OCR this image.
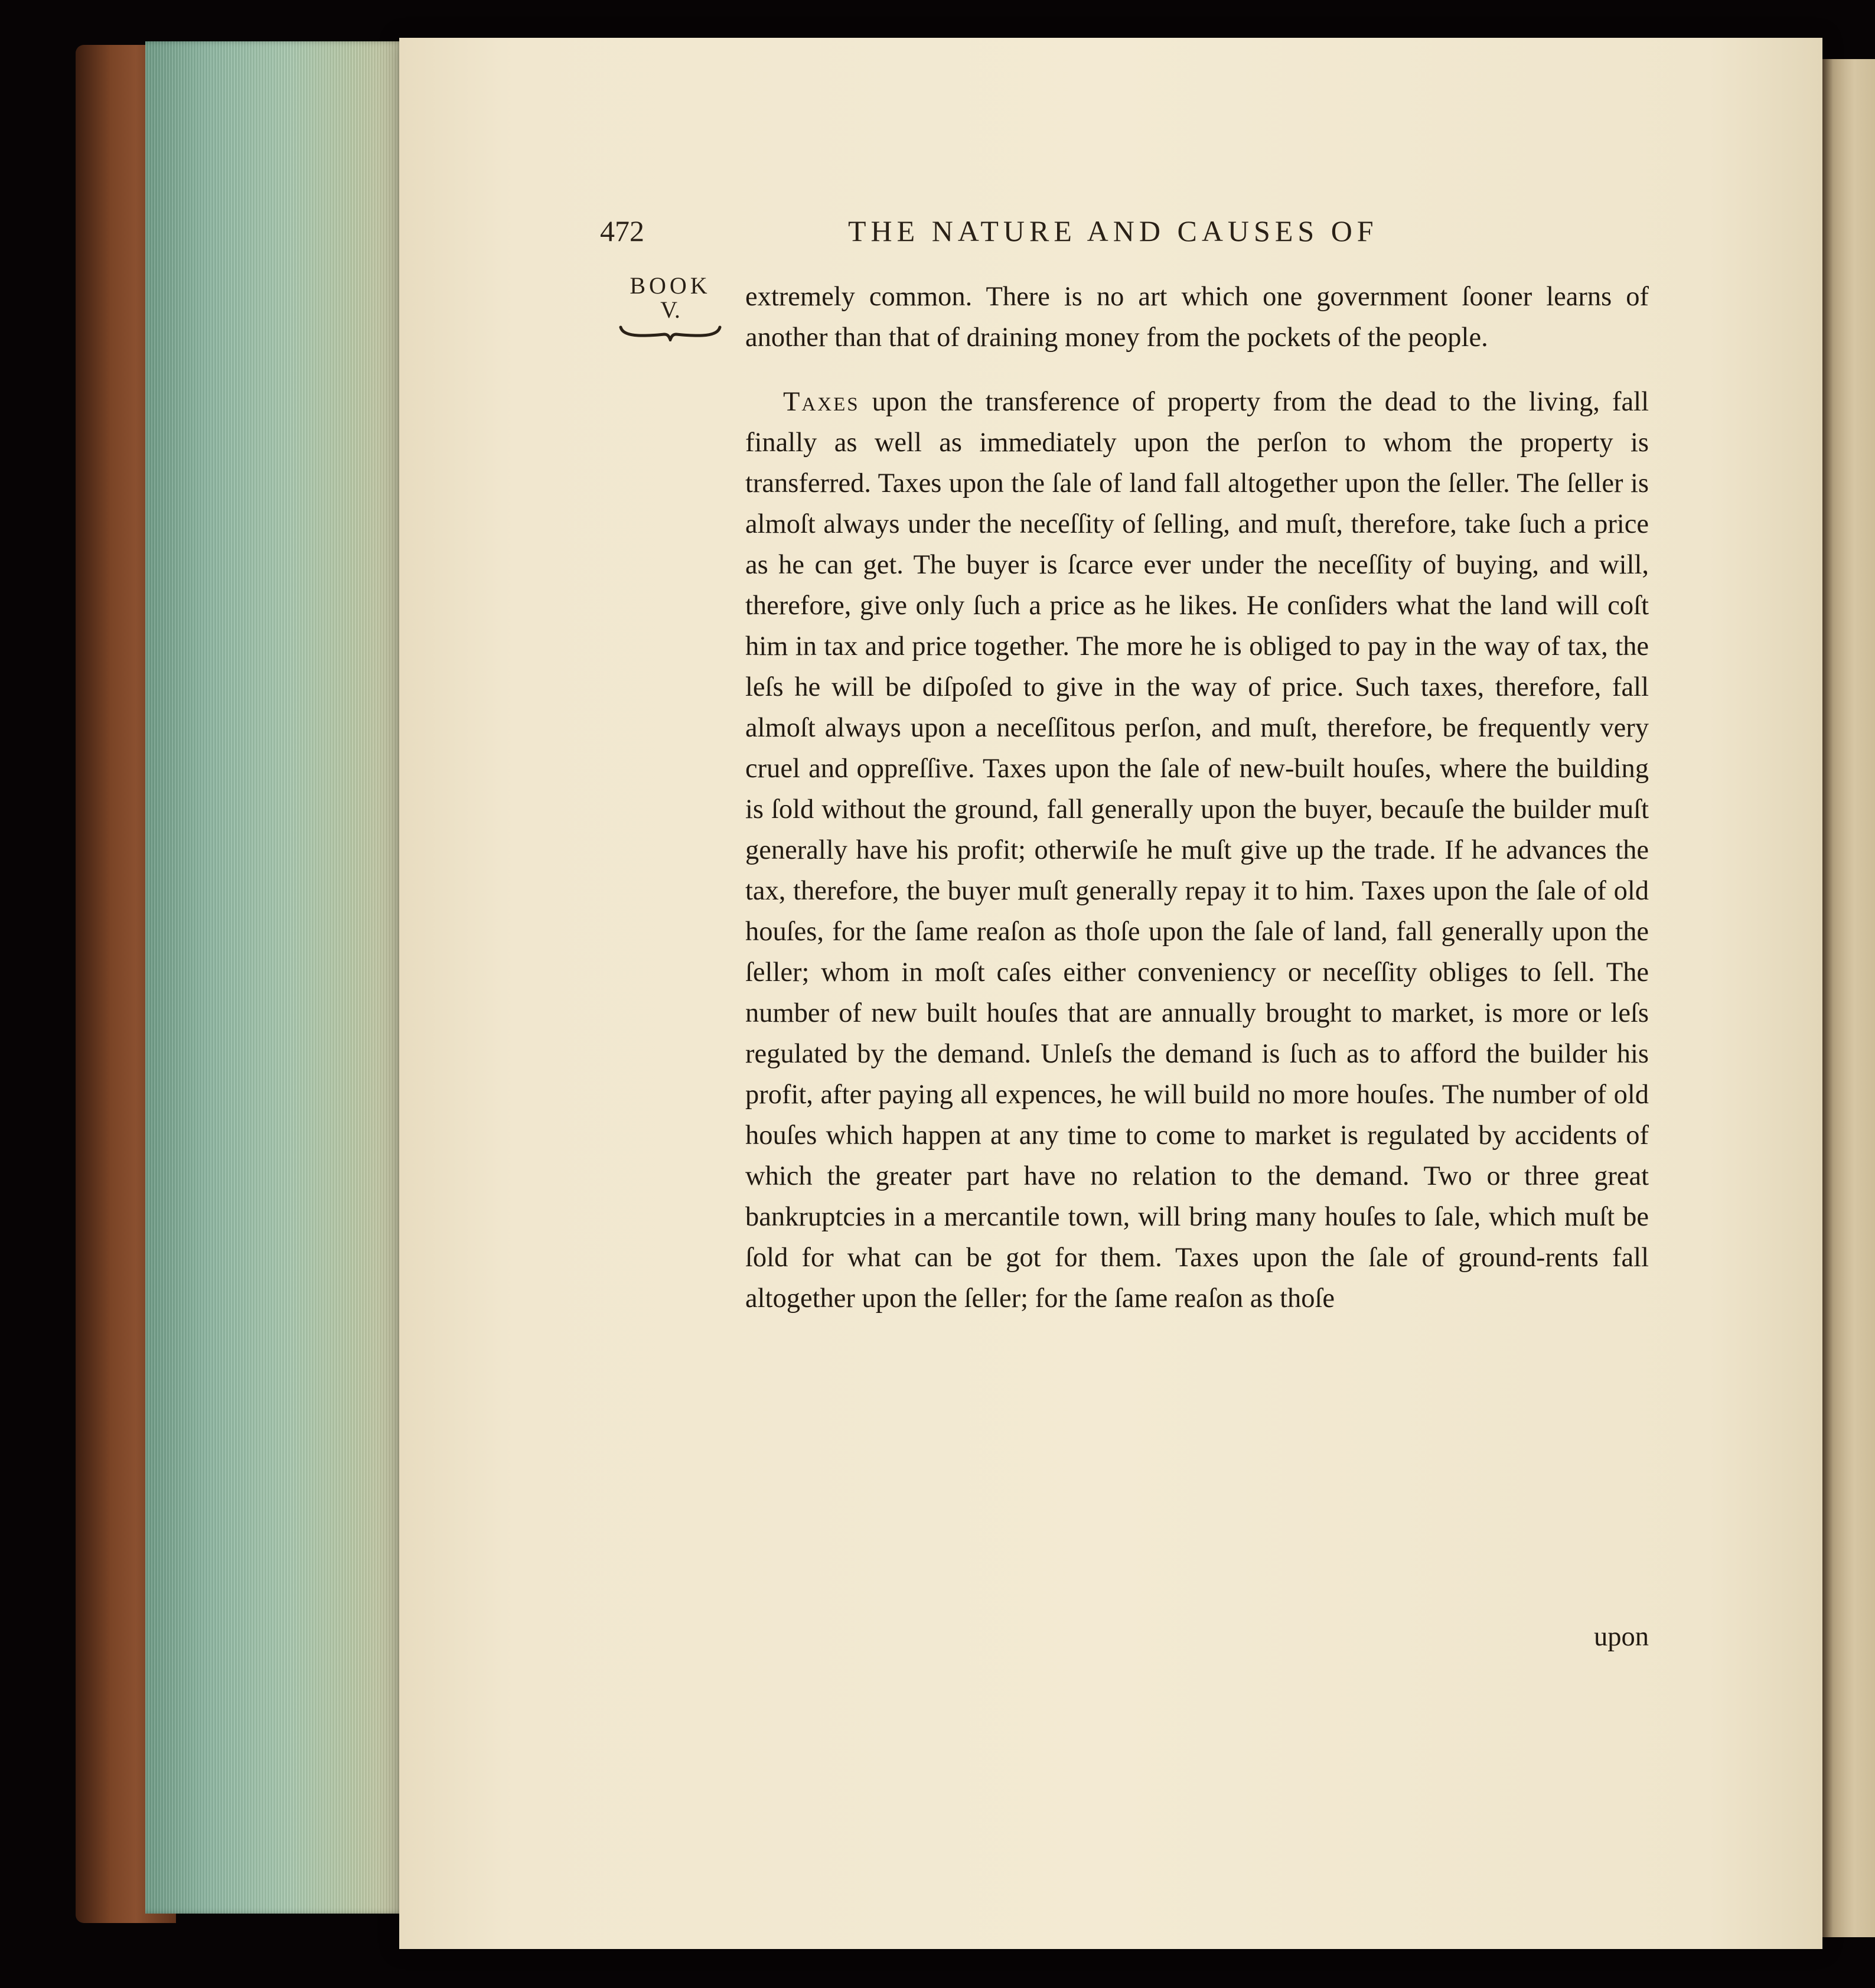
472	THE NATURE AND CAUSES OF
BOOK
V.	extremely common. There is no art which one government ſooner learns of another than that of draining money from the pockets of the people.

Taxes upon the transference of property from the dead to the living, fall finally as well as immediately upon the perſon to whom the property is transferred. Taxes upon the ſale of land fall altogether upon the ſeller. The ſeller is almoſt always under the neceſſity of ſelling, and muſt, therefore, take ſuch a price as he can get. The buyer is ſcarce ever under the neceſſity of buying, and will, therefore, give only ſuch a price as he likes. He conſiders what the land will coſt him in tax and price together. The more he is obliged to pay in the way of tax, the leſs he will be diſpoſed to give in the way of price. Such taxes, therefore, fall almoſt always upon a neceſſitous perſon, and muſt, therefore, be frequently very cruel and oppreſſive. Taxes upon the ſale of new-built houſes, where the building is ſold without the ground, fall generally upon the buyer, becauſe the builder muſt generally have his profit; otherwiſe he muſt give up the trade. If he advances the tax, therefore, the buyer muſt generally repay it to him. Taxes upon the ſale of old houſes, for the ſame reaſon as thoſe upon the ſale of land, fall generally upon the ſeller; whom in moſt caſes either conveniency or neceſſity obliges to ſell. The number of new built houſes that are annually brought to market, is more or leſs regulated by the demand. Unleſs the demand is ſuch as to afford the builder his profit, after paying all expences, he will build no more houſes. The number of old houſes which happen at any time to come to market is regulated by accidents of which the greater part have no relation to the demand. Two or three great bankruptcies in a mercantile town, will bring many houſes to ſale, which muſt be ſold for what can be got for them. Taxes upon the ſale of ground-rents fall altogether upon the ſeller; for the ſame reaſon as thoſe

upon
